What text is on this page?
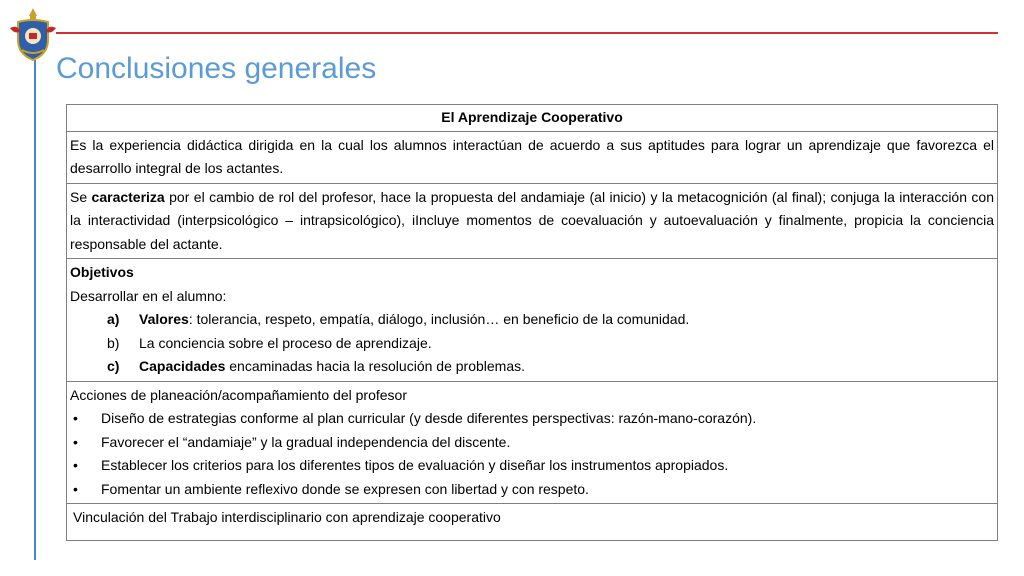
Conclusiones generales
El Aprendizaje Cooperativo
Es la experiencia didáctica dirigida en la cual los alumnos interactúan de acuerdo a sus aptitudes para lograr un aprendizaje que favorezca el desarrollo integral de los actantes.
Se caracteriza por el cambio de rol del profesor, hace la propuesta del andamiaje (al inicio) y la metacognición (al final); conjuga la interacción con la interactividad (interpsicológico – intrapsicológico), iIncluye momentos de coevaluación y autoevaluación y finalmente, propicia la conciencia responsable del actante.

Objetivos
Desarrollar en el alumno:
a)	Valores: tolerancia, respeto, empatía, diálogo, inclusión… en beneficio de la comunidad.
b)	La conciencia sobre el proceso de aprendizaje.
c)	Capacidades encaminadas hacia la resolución de problemas.

Acciones de planeación/acompañamiento del profesor
•	Diseño de estrategias conforme al plan curricular (y desde diferentes perspectivas: razón-mano-corazón).
•	Favorecer el “andamiaje” y la gradual independencia del discente.
•	Establecer los criterios para los diferentes tipos de evaluación y diseñar los instrumentos apropiados.
•	Fomentar un ambiente reflexivo donde se expresen con libertad y con respeto.

Vinculación del Trabajo interdisciplinario con aprendizaje cooperativo
